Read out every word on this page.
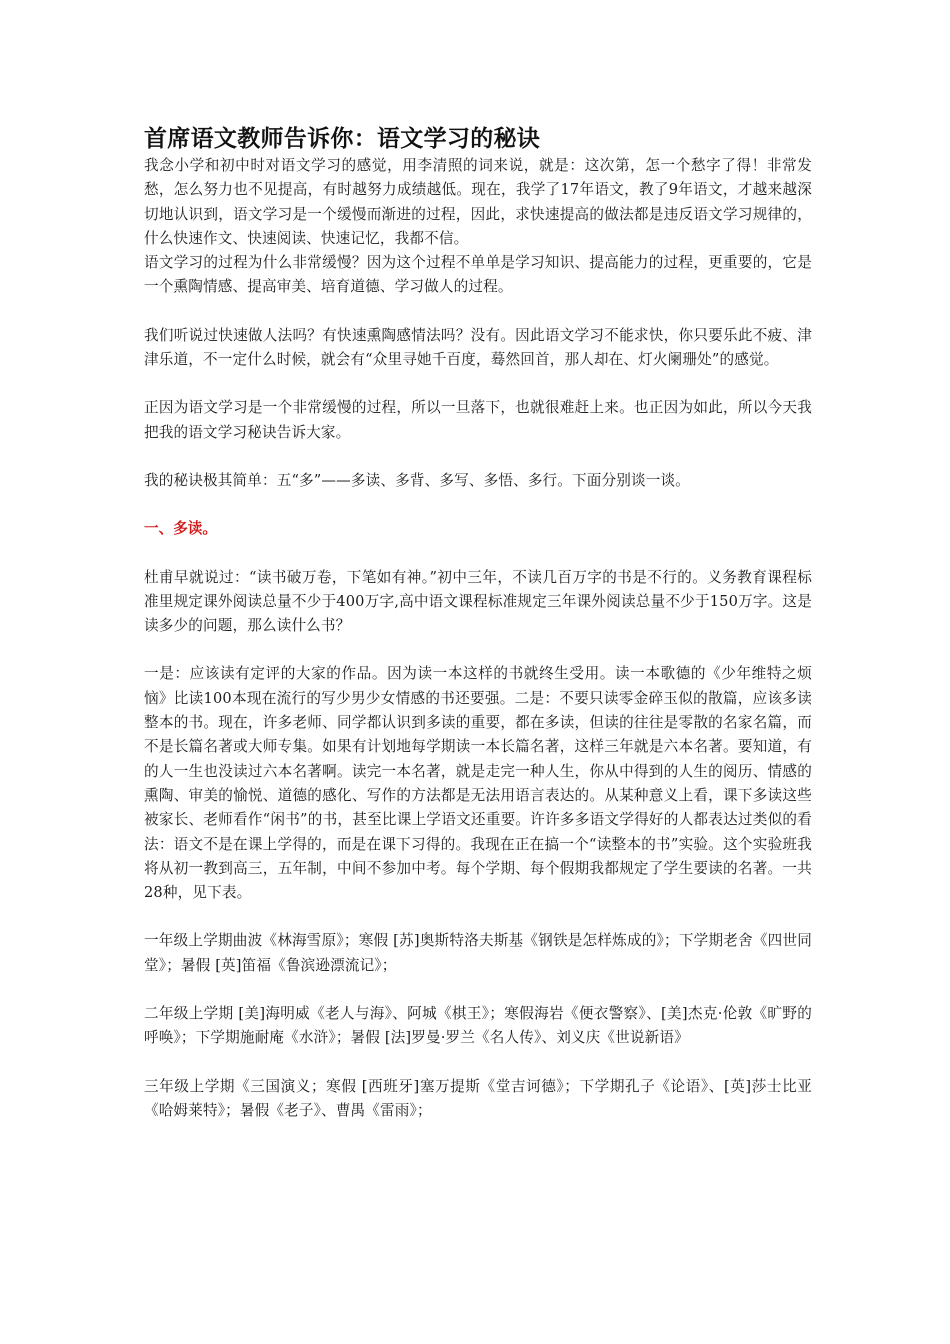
首席语文教师告诉你：语文学习的秘诀

我念小学和初中时对语文学习的感觉，用李清照的词来说，就是：这次第，怎一个愁字了得！非常发愁，怎么努力也不见提高，有时越努力成绩越低。现在，我学了17年语文，教了9年语文，才越来越深切地认识到，语文学习是一个缓慢而渐进的过程，因此，求快速提高的做法都是违反语文学习规律的，什么快速作文、快速阅读、快速记忆，我都不信。

语文学习的过程为什么非常缓慢？因为这个过程不单单是学习知识、提高能力的过程，更重要的，它是一个熏陶情感、提高审美、培育道德、学习做人的过程。

我们听说过快速做人法吗？有快速熏陶感情法吗？没有。因此语文学习不能求快，你只要乐此不疲、津津乐道，不一定什么时候，就会有“众里寻她千百度，蓦然回首，那人却在、灯火阑珊处”的感觉。

正因为语文学习是一个非常缓慢的过程，所以一旦落下，也就很难赶上来。也正因为如此，所以今天我把我的语文学习秘诀告诉大家。

我的秘诀极其简单：五“多”——多读、多背、多写、多悟、多行。下面分别谈一谈。

一、多读。

杜甫早就说过：“读书破万卷，下笔如有神。”初中三年，不读几百万字的书是不行的。义务教育课程标准里规定课外阅读总量不少于400万字,高中语文课程标准规定三年课外阅读总量不少于150万字。这是读多少的问题，那么读什么书？

一是：应该读有定评的大家的作品。因为读一本这样的书就终生受用。读一本歌德的《少年维特之烦恼》比读100本现在流行的写少男少女情感的书还要强。二是：不要只读零金碎玉似的散篇，应该多读整本的书。现在，许多老师、同学都认识到多读的重要，都在多读，但读的往往是零散的名家名篇，而不是长篇名著或大师专集。如果有计划地每学期读一本长篇名著，这样三年就是六本名著。要知道，有的人一生也没读过六本名著啊。读完一本名著，就是走完一种人生，你从中得到的人生的阅历、情感的熏陶、审美的愉悦、道德的感化、写作的方法都是无法用语言表达的。从某种意义上看，课下多读这些被家长、老师看作“闲书”的书，甚至比课上学语文还重要。许许多多语文学得好的人都表达过类似的看法：语文不是在课上学得的，而是在课下习得的。我现在正在搞一个“读整本的书”实验。这个实验班我将从初一教到高三，五年制，中间不参加中考。每个学期、每个假期我都规定了学生要读的名著。一共28种，见下表。

一年级上学期曲波《林海雪原》；寒假 [苏]奥斯特洛夫斯基《钢铁是怎样炼成的》；下学期老舍《四世同堂》；暑假 [英]笛福《鲁滨逊漂流记》；

二年级上学期 [美]海明威《老人与海》、阿城《棋王》；寒假海岩《便衣警察》、[美]杰克·伦敦《旷野的呼唤》；下学期施耐庵《水浒》；暑假 [法]罗曼·罗兰《名人传》、刘义庆《世说新语》

三年级上学期《三国演义；寒假 [西班牙]塞万提斯《堂吉诃德》；下学期孔子《论语》、[英]莎士比亚《哈姆莱特》；暑假《老子》、曹禺《雷雨》；
